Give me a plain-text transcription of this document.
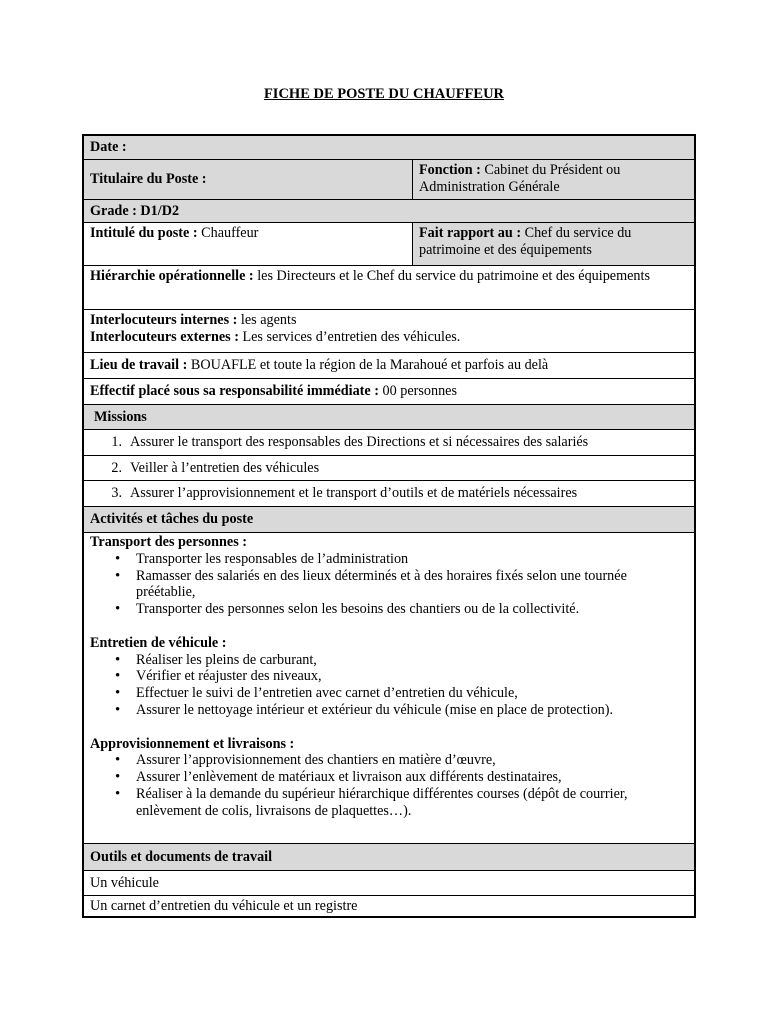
FICHE DE POSTE DU CHAUFFEUR
Date :
Titulaire du Poste :
Fonction : Cabinet du Président ou Administration Générale
Grade : D1/D2
Intitulé du poste : Chauffeur	Fait rapport au : Chef du service du patrimoine et des équipements
Hiérarchie opérationnelle : les Directeurs et le Chef du service du patrimoine et des équipements
Interlocuteurs internes : les agents
Interlocuteurs externes : Les services d’entretien des véhicules.
Lieu de travail :
BOUAFLE et toute la région de la Marahoué et parfois au delà
Effectif placé sous sa responsabilité immédiate :
00 personnes
Missions
1. Assurer le transport des responsables des Directions et si nécessaires des salariés
2. Veiller à l’entretien des véhicules
3. Assurer l’approvisionnement et le transport d’outils et de matériels nécessaires
Activités et tâches du poste
Transport des personnes :
• Transporter les responsables de l’administration
• Ramasser des salariés en des lieux déterminés et à des horaires fixés selon une tournée préétablie,
• Transporter des personnes selon les besoins des chantiers ou de la collectivité.
Entretien de véhicule :
• Réaliser les pleins de carburant,
• Vérifier et réajuster des niveaux,
• Effectuer le suivi de l’entretien avec carnet d’entretien du véhicule,
• Assurer le nettoyage intérieur et extérieur du véhicule (mise en place de protection).
Approvisionnement et livraisons :
• Assurer l’approvisionnement des chantiers en matière d’œuvre,
• Assurer l’enlèvement de matériaux et livraison aux différents destinataires,
• Réaliser à la demande du supérieur hiérarchique différentes courses (dépôt de courrier, enlèvement de colis, livraisons de plaquettes…).
Outils et documents de travail
Un véhicule
Un carnet d’entretien du véhicule et un registre
